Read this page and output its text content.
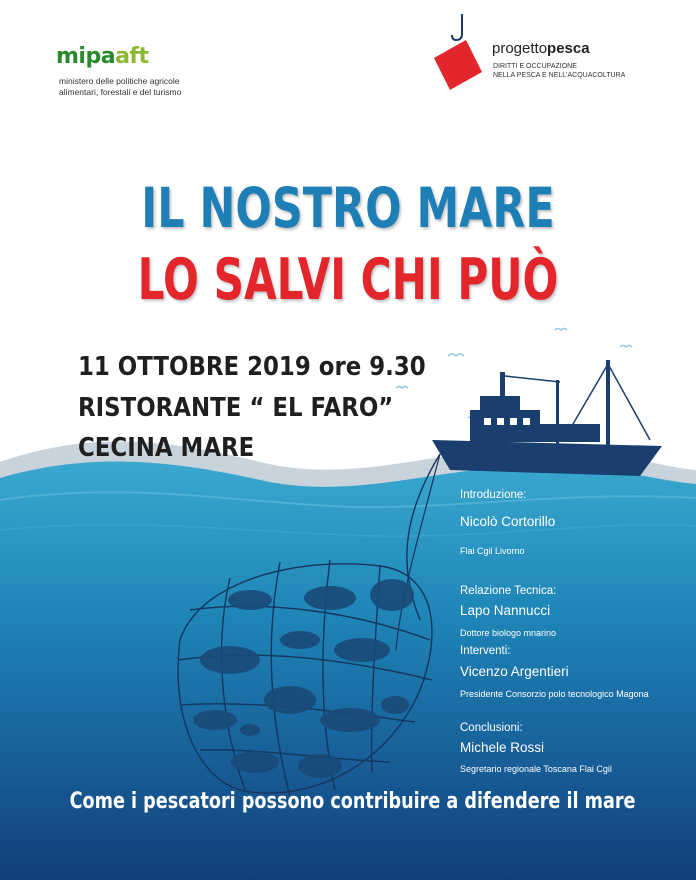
mipaaft
ministero delle politiche agricole
alimentari, forestali e del turismo
progettopesca
DIRITTI E OCCUPAZIONE
NELLA PESCA E NELL'ACQUACOLTURA
IL NOSTRO MARE
LO SALVI CHI PUÒ
11 OTTOBRE 2019 ore 9.30
RISTORANTE “ EL FARO”
CECINA MARE
Introduzione:
Nicolò Cortorillo
Flai Cgil Livorno
Relazione Tecnica:
Lapo Nannucci
Dottore biologo mnarino
Interventi:
Vicenzo Argentieri
Presidente Consorzio polo tecnologico Magona
Conclusioni:
Michele Rossi
Segretario regionale Toscana Flai Cgil
Come i pescatori possono contribuire a difendere il mare
